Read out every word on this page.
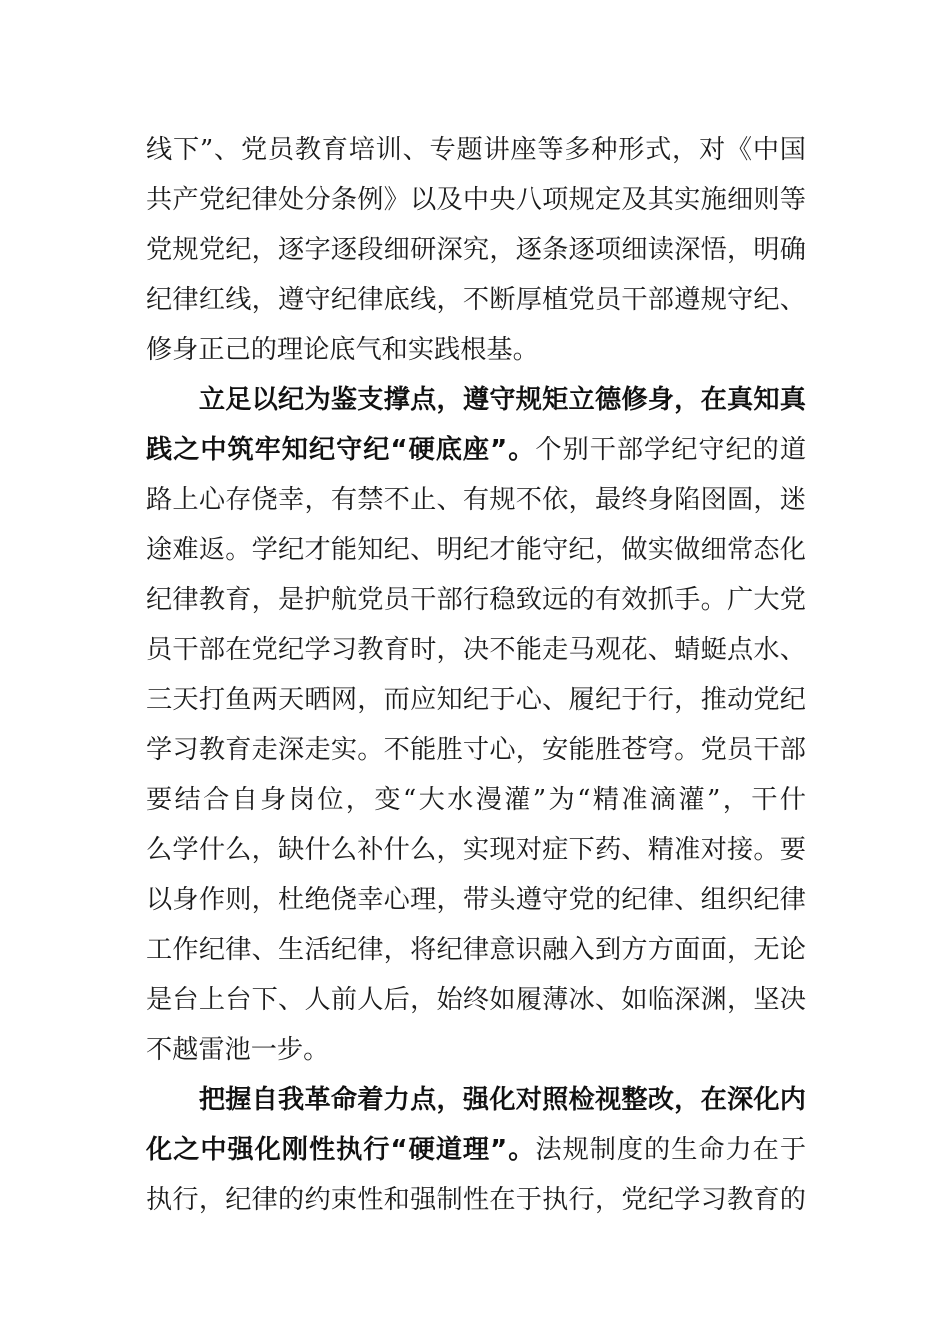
线下”、党员教育培训、专题讲座等多种形式，对《中国
共产党纪律处分条例》以及中央八项规定及其实施细则等
党规党纪，逐字逐段细研深究，逐条逐项细读深悟，明确
纪律红线，遵守纪律底线，不断厚植党员干部遵规守纪、
修身正己的理论底气和实践根基。
　　立足以纪为鉴支撑点，遵守规矩立德修身，在真知真
践之中筑牢知纪守纪“硬底座”。个别干部学纪守纪的道
路上心存侥幸，有禁不止、有规不依，最终身陷囹圄，迷
途难返。学纪才能知纪、明纪才能守纪，做实做细常态化
纪律教育，是护航党员干部行稳致远的有效抓手。广大党
员干部在党纪学习教育时，决不能走马观花、蜻蜓点水、
三天打鱼两天晒网，而应知纪于心、履纪于行，推动党纪
学习教育走深走实。不能胜寸心，安能胜苍穹。党员干部
要结合自身岗位，变“大水漫灌”为“精准滴灌”，干什
么学什么，缺什么补什么，实现对症下药、精准对接。要
以身作则，杜绝侥幸心理，带头遵守党的纪律、组织纪律
工作纪律、生活纪律，将纪律意识融入到方方面面，无论
是台上台下、人前人后，始终如履薄冰、如临深渊，坚决
不越雷池一步。
　　把握自我革命着力点，强化对照检视整改，在深化内
化之中强化刚性执行“硬道理”。法规制度的生命力在于
执行，纪律的约束性和强制性在于执行，党纪学习教育的
